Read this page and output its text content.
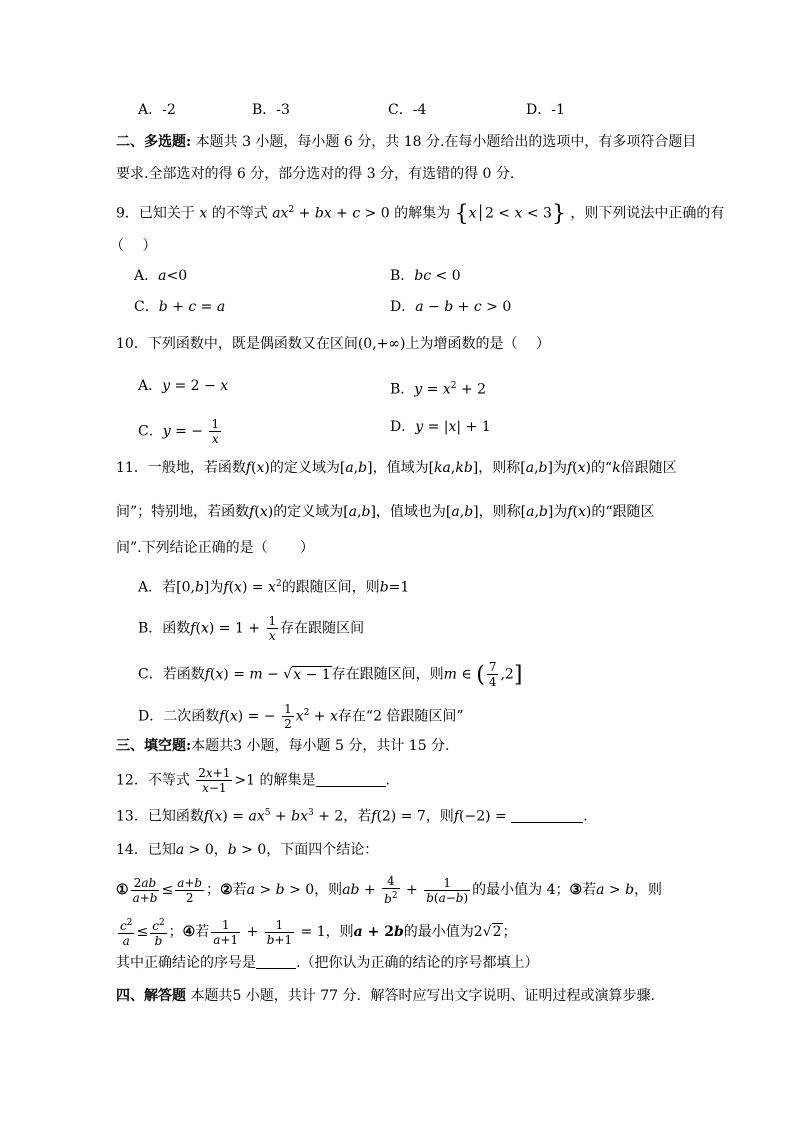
A．-2	B．-3	C．-4	D．-1
二、多选题: 本题共 3 小题，每小题 6 分，共 18 分.在每小题给出的选项中，有多项符合题目
要求.全部选对的得 6 分，部分选对的得 3 分，有选错的得 0 分.
9．已知关于 x 的不等式 $ax^2$ + bx + c > 0 的解集为 {x│2 < x < 3} ，则下列说法中正确的有
（　 ）
A．a<0	B．bc < 0
C．b + c = a	D．a − b + c > 0
10．下列函数中，既是偶函数又在区间(0,+∞)上为增函数的是（　 ）
A．y = 2 − x	B．$y = x^2 + 2$
C．y = − $\frac{1}{x}$	D．y = |x| + 1
11．一般地，若函数f(x)的定义域为[a,b]，值域为[ka,kb]，则称[a,b]为f(x)的“k倍跟随区
间”；特别地，若函数f(x)的定义域为[a,b]，值域也为[a,b]，则称[a,b]为f(x)的“跟随区
间”.下列结论正确的是（　 　）
A．若[0,b]为$f(x) = x^2$的跟随区间，则b=1
B．函数$f(x) = 1 + \frac{1}{x}$ 存在跟随区间
C．若函数f(x) = m − √x − 1存在跟随区间，则m ∈ ( $\frac{7}{4} ,2$]
D．二次函数f(x) = − $\frac{1}{2} x^2 + x$存在“2 倍跟随区间”
三、填空题:本题共3 小题，每小题 5 分，共计 15 分.
12．不等式 $\frac{2x+1}{x-1} >1$ 的解集是	.
13．已知函数$f(x) = ax^5 + bx^3 + 2$，若f(2) = 7，则f(−2) =	.
14．已知a > 0，b > 0，下面四个结论：
① $\frac{2ab}{a+b} \le \frac{a+b}{2}$ ；②若a > b > 0，则ab + $\frac{4}{b^2} + \frac{1}{b(a-b)}$ 的最小值为 4；③若a > b，则
$\frac{c^2}{a} \le \frac{c^2}{b}$ ；④若 $\frac{1}{a+1} + \frac{1}{b+1} = 1$，则a + 2b的最小值为2√2；
其中正确结论的序号是	.（把你认为正确的结论的序号都填上）
四、解答题 本题共5 小题，共计 77 分．解答时应写出文字说明、证明过程或演算步骤.
